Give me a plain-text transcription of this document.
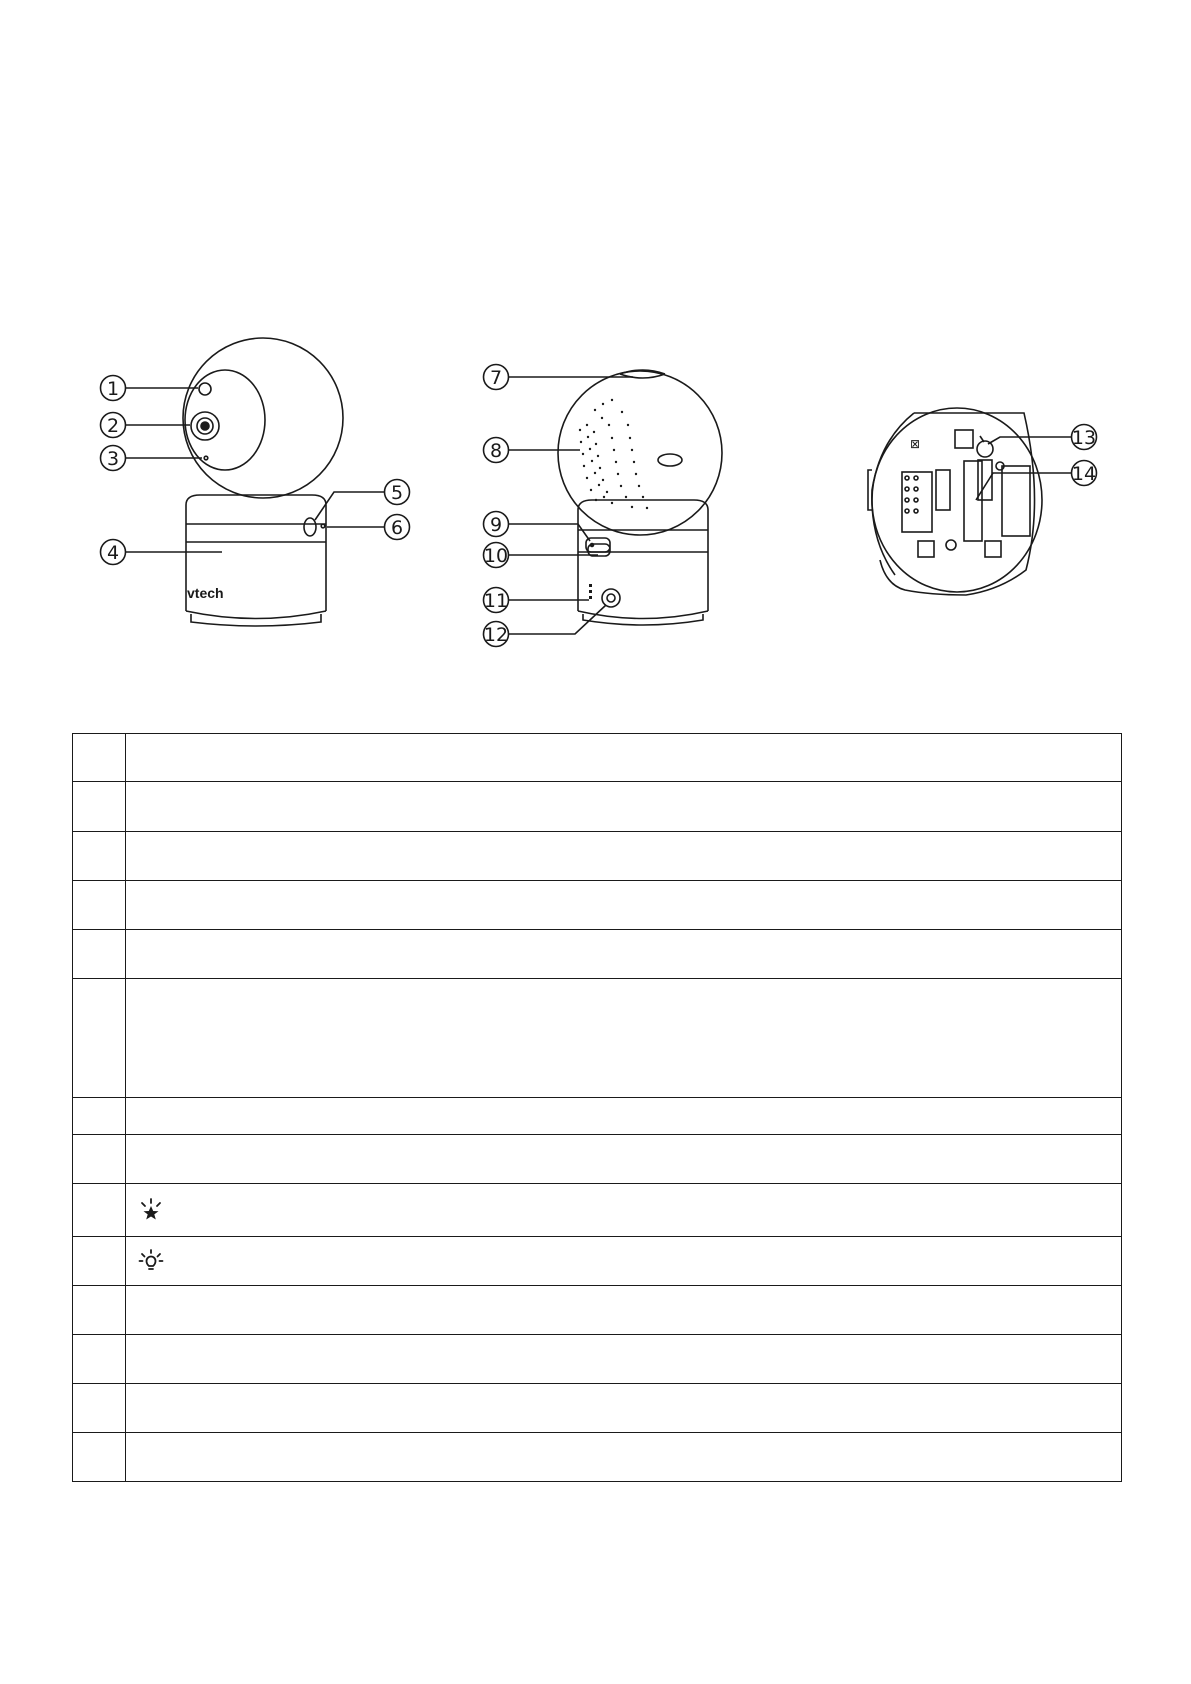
vtech
⊠
1
2
3
4
5
6
7
8
9
10
11
12
13
14
